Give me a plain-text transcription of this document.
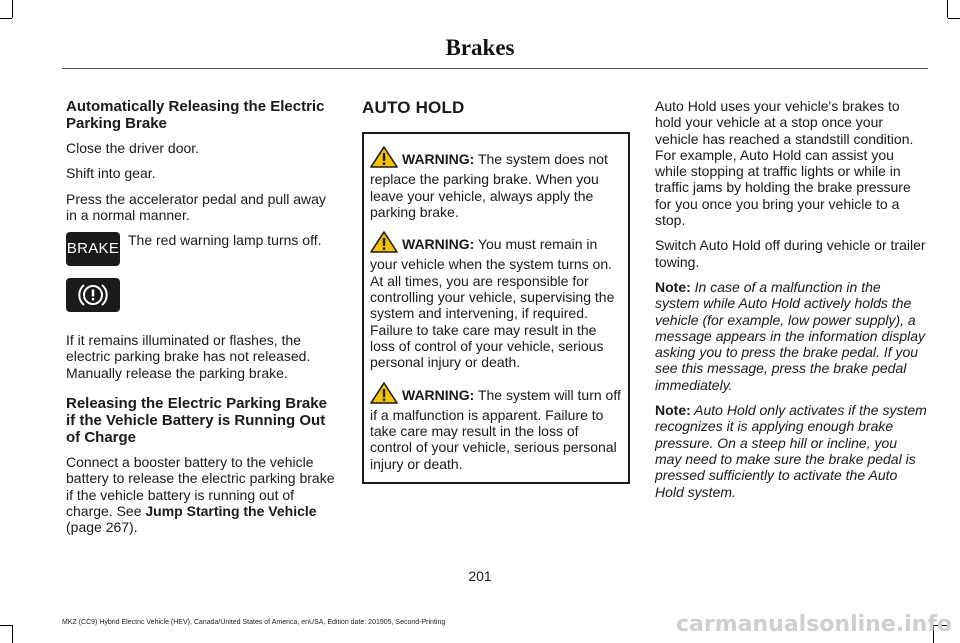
Brakes
Automatically Releasing the Electric Parking Brake

Close the driver door.

Shift into gear.

Press the accelerator pedal and pull away in a normal manner.

BRAKE The red warning lamp turns off.

If it remains illuminated or flashes, the electric parking brake has not released. Manually release the parking brake.

Releasing the Electric Parking Brake if the Vehicle Battery is Running Out of Charge

Connect a booster battery to the vehicle battery to release the electric parking brake if the vehicle battery is running out of charge. See Jump Starting the Vehicle (page 267).

AUTO HOLD

WARNING: The system does not replace the parking brake. When you leave your vehicle, always apply the parking brake.

WARNING: You must remain in your vehicle when the system turns on. At all times, you are responsible for controlling your vehicle, supervising the system and intervening, if required. Failure to take care may result in the loss of control of your vehicle, serious personal injury or death.

WARNING: The system will turn off if a malfunction is apparent. Failure to take care may result in the loss of control of your vehicle, serious personal injury or death.

Auto Hold uses your vehicle's brakes to hold your vehicle at a stop once your vehicle has reached a standstill condition. For example, Auto Hold can assist you while stopping at traffic lights or while in traffic jams by holding the brake pressure for you once you bring your vehicle to a stop.

Switch Auto Hold off during vehicle or trailer towing.

Note: In case of a malfunction in the system while Auto Hold actively holds the vehicle (for example, low power supply), a message appears in the information display asking you to press the brake pedal. If you see this message, press the brake pedal immediately.

Note: Auto Hold only activates if the system recognizes it is applying enough brake pressure. On a steep hill or incline, you may need to make sure the brake pedal is pressed sufficiently to activate the Auto Hold system.

201
MKZ (CC9) Hybrid Electric Vehicle (HEV), Canada/United States of America, enUSA, Edition date: 201905, Second-Printing	carmanualsonline.info
